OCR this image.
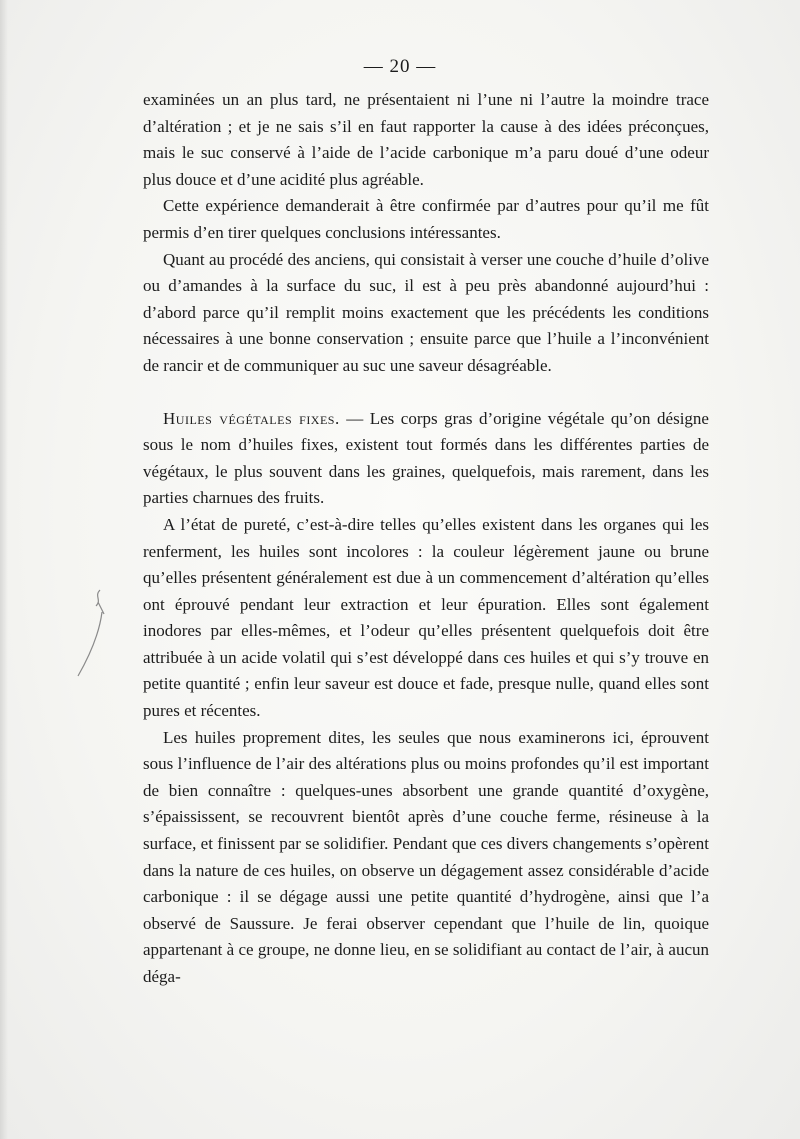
— 20 —

examinées un an plus tard, ne présentaient ni l’une ni l’autre la moindre trace d’altération ; et je ne sais s’il en faut rapporter la cause à des idées préconçues, mais le suc conservé à l’aide de l’acide carbonique m’a paru doué d’une odeur plus douce et d’une acidité plus agréable.

Cette expérience demanderait à être confirmée par d’autres pour qu’il me fût permis d’en tirer quelques conclusions intéressantes.

Quant au procédé des anciens, qui consistait à verser une couche d’huile d’olive ou d’amandes à la surface du suc, il est à peu près abandonné aujourd’hui : d’abord parce qu’il remplit moins exactement que les précédents les conditions nécessaires à une bonne conservation ; ensuite parce que l’huile a l’inconvénient de rancir et de communiquer au suc une saveur désagréable.

Huiles végétales fixes. — Les corps gras d’origine végétale qu’on désigne sous le nom d’huiles fixes, existent tout formés dans les différentes parties de végétaux, le plus souvent dans les graines, quelquefois, mais rarement, dans les parties charnues des fruits.

A l’état de pureté, c’est-à-dire telles qu’elles existent dans les organes qui les renferment, les huiles sont incolores : la couleur légèrement jaune ou brune qu’elles présentent généralement est due à un commencement d’altération qu’elles ont éprouvé pendant leur extraction et leur épuration. Elles sont également inodores par elles-mêmes, et l’odeur qu’elles présentent quelquefois doit être attribuée à un acide volatil qui s’est développé dans ces huiles et qui s’y trouve en petite quantité ; enfin leur saveur est douce et fade, presque nulle, quand elles sont pures et récentes.

Les huiles proprement dites, les seules que nous examinerons ici, éprouvent sous l’influence de l’air des altérations plus ou moins profondes qu’il est important de bien connaître : quelques-unes absorbent une grande quantité d’oxygène, s’épaississent, se recouvrent bientôt après d’une couche ferme, résineuse à la surface, et finissent par se solidifier. Pendant que ces divers changements s’opèrent dans la nature de ces huiles, on observe un dégagement assez considérable d’acide carbonique : il se dégage aussi une petite quantité d’hydrogène, ainsi que l’a observé de Saussure. Je ferai observer cependant que l’huile de lin, quoique appartenant à ce groupe, ne donne lieu, en se solidifiant au contact de l’air, à aucun déga-
